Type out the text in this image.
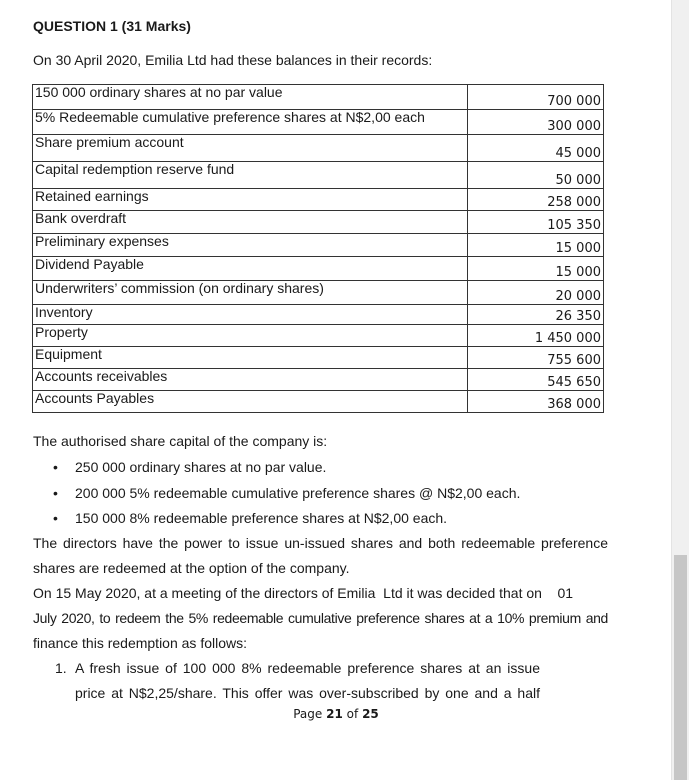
QUESTION 1 (31 Marks)
On 30 April 2020, Emilia Ltd had these balances in their records:
150 000 ordinary shares at no par value	700 000
5% Redeemable cumulative preference shares at N$2,00 each	300 000
Share premium account	45 000
Capital redemption reserve fund	50 000
Retained earnings	258 000
Bank overdraft	105 350
Preliminary expenses	15 000
Dividend Payable	15 000
Underwriters’ commission (on ordinary shares)	20 000
Inventory	26 350
Property	1 450 000
Equipment	755 600
Accounts receivables	545 650
Accounts Payables	368 000
The authorised share capital of the company is:
• 250 000 ordinary shares at no par value.
• 200 000 5% redeemable cumulative preference shares @ N$2,00 each.
• 150 000 8% redeemable preference shares at N$2,00 each.
The directors have the power to issue un-issued shares and both redeemable preference
shares are redeemed at the option of the company.
On 15 May 2020, at a meeting of the directors of Emilia  Ltd it was decided that on    01
July 2020, to redeem the 5% redeemable cumulative preference shares at a 10% premium and
finance this redemption as follows:
1. A fresh issue of 100 000 8% redeemable preference shares at an issue
price at N$2,25/share. This offer was over-subscribed by one and a half
Page 21 of 25
